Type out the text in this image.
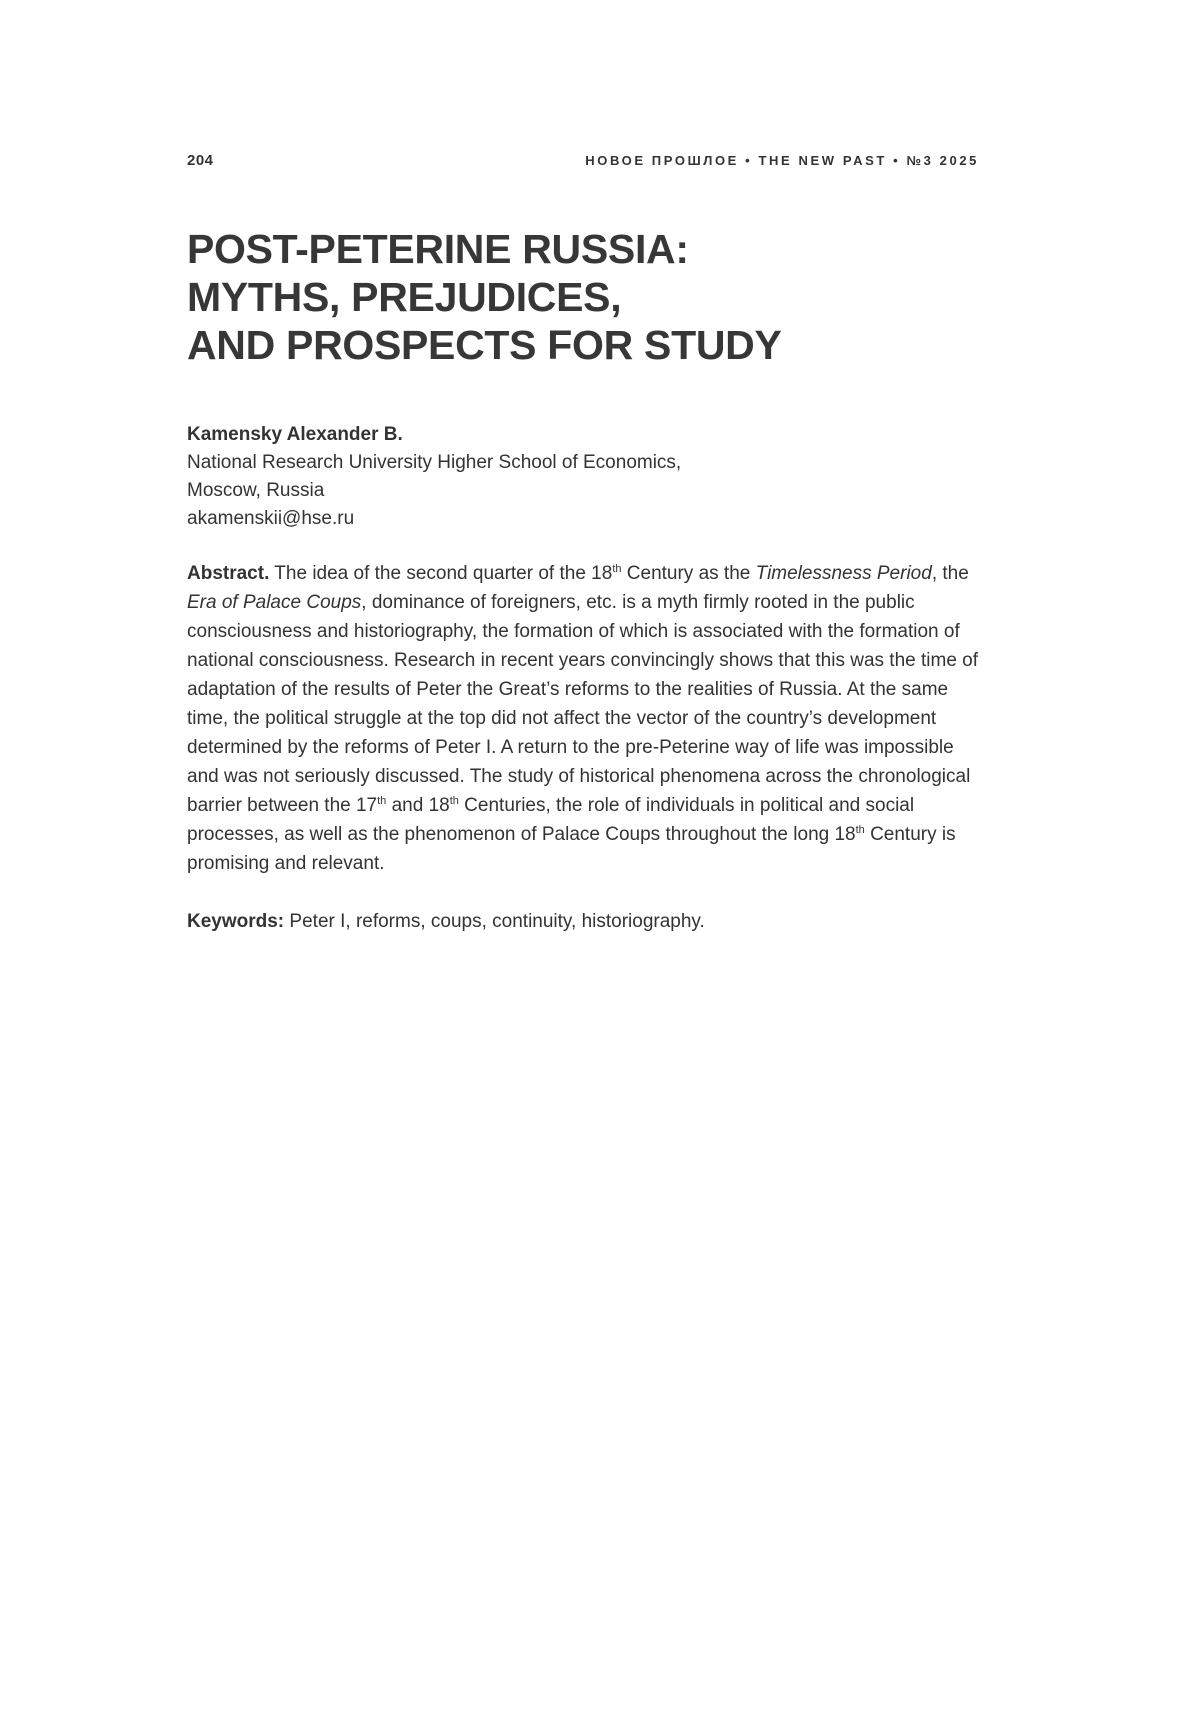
204	НОВОЕ ПРОШЛОЕ • THE NEW PAST • №3 2025
POST-PETERINE RUSSIA:
MYTHS, PREJUDICES,
AND PROSPECTS FOR STUDY
Kamensky Alexander B.
National Research University Higher School of Economics,
Moscow, Russia
akamenskii@hse.ru

Abstract. The idea of the second quarter of the 18th Century as the Timelessness Period, the Era of Palace Coups, dominance of foreigners, etc. is a myth firmly rooted in the public consciousness and historiography, the formation of which is associated with the formation of national consciousness. Research in recent years convincingly shows that this was the time of adaptation of the results of Peter the Great’s reforms to the realities of Russia. At the same time, the political struggle at the top did not affect the vector of the country’s development determined by the reforms of Peter I. A return to the pre-Peterine way of life was impossible and was not seriously discussed. The study of historical phenomena across the chronological barrier between the 17th and 18th Centuries, the role of individuals in political and social processes, as well as the phenomenon of Palace Coups throughout the long 18th Century is promising and relevant.

Keywords: Peter I, reforms, coups, continuity, historiography.
